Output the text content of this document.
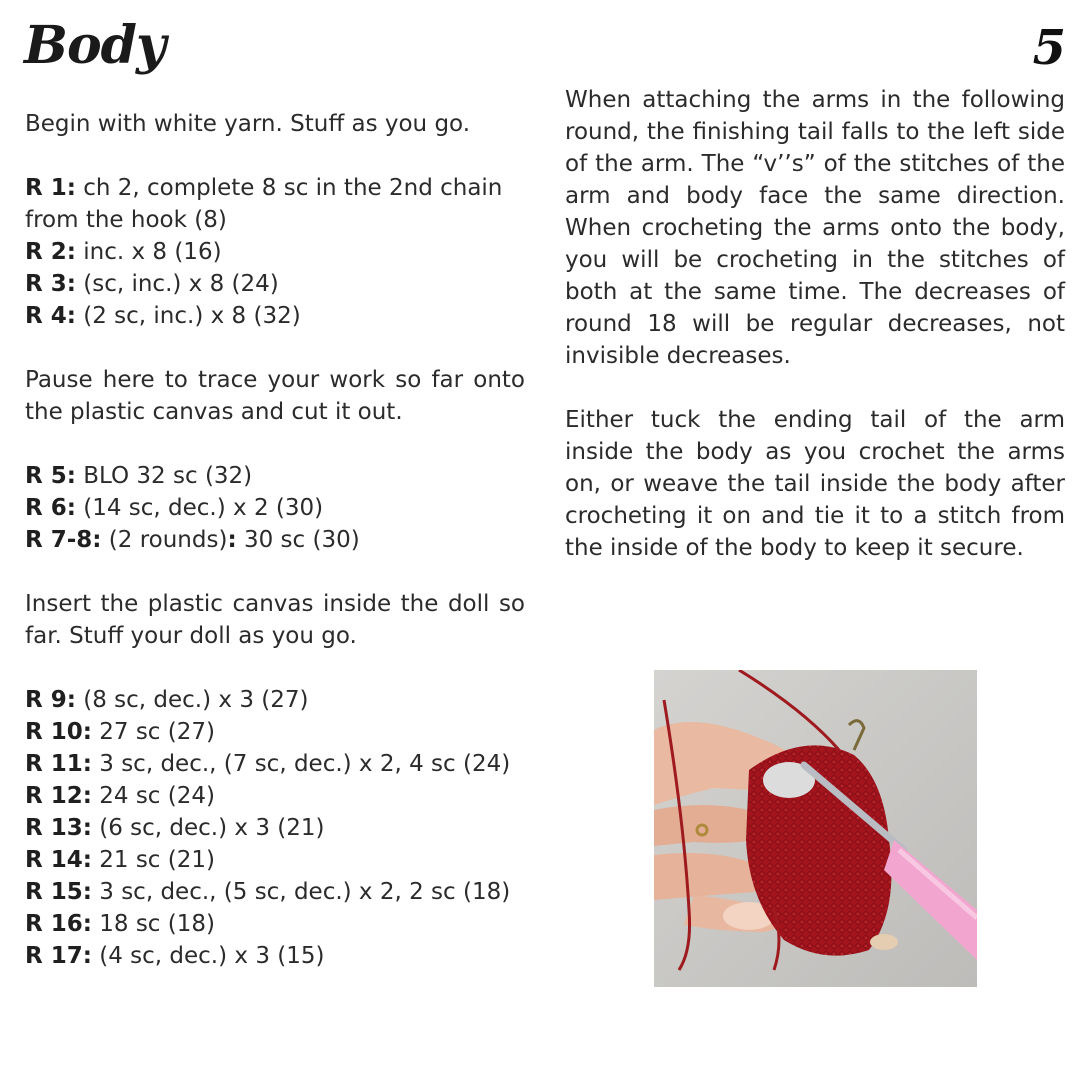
Body	5

Begin with white yarn. Stuff as you go.

R 1: ch 2, complete 8 sc in the 2nd chain from the hook (8)

R 2: inc. x 8 (16)

R 3: (sc, inc.) x 8 (24)

R 4: (2 sc, inc.) x 8 (32)

Pause here to trace your work so far onto the plastic canvas and cut it out.

R 5: BLO 32 sc (32)

R 6: (14 sc, dec.) x 2 (30)

R 7-8: (2 rounds): 30 sc (30)

Insert the plastic canvas inside the doll so far. Stuff your doll as you go.

R 9: (8 sc, dec.) x 3 (27)

R 10: 27 sc (27)

R 11: 3 sc, dec., (7 sc, dec.) x 2, 4 sc (24)

R 12: 24 sc (24)

R 13: (6 sc, dec.) x 3 (21)

R 14: 21 sc (21)

R 15: 3 sc, dec., (5 sc, dec.) x 2, 2 sc (18)

R 16: 18 sc (18)

R 17: (4 sc, dec.) x 3 (15)

When attaching the arms in the following round, the finishing tail falls to the left side of the arm. The “v’’s” of the stitches of the arm and body face the same direction. When crocheting the arms onto the body, you will be crocheting in the stitches of both at the same time. The decreases of round 18 will be regular decreases, not invisible decreases.

Either tuck the ending tail of the arm inside the body as you crochet the arms on, or weave the tail inside the body after crocheting it on and tie it to a stitch from the inside of the body to keep it secure.
